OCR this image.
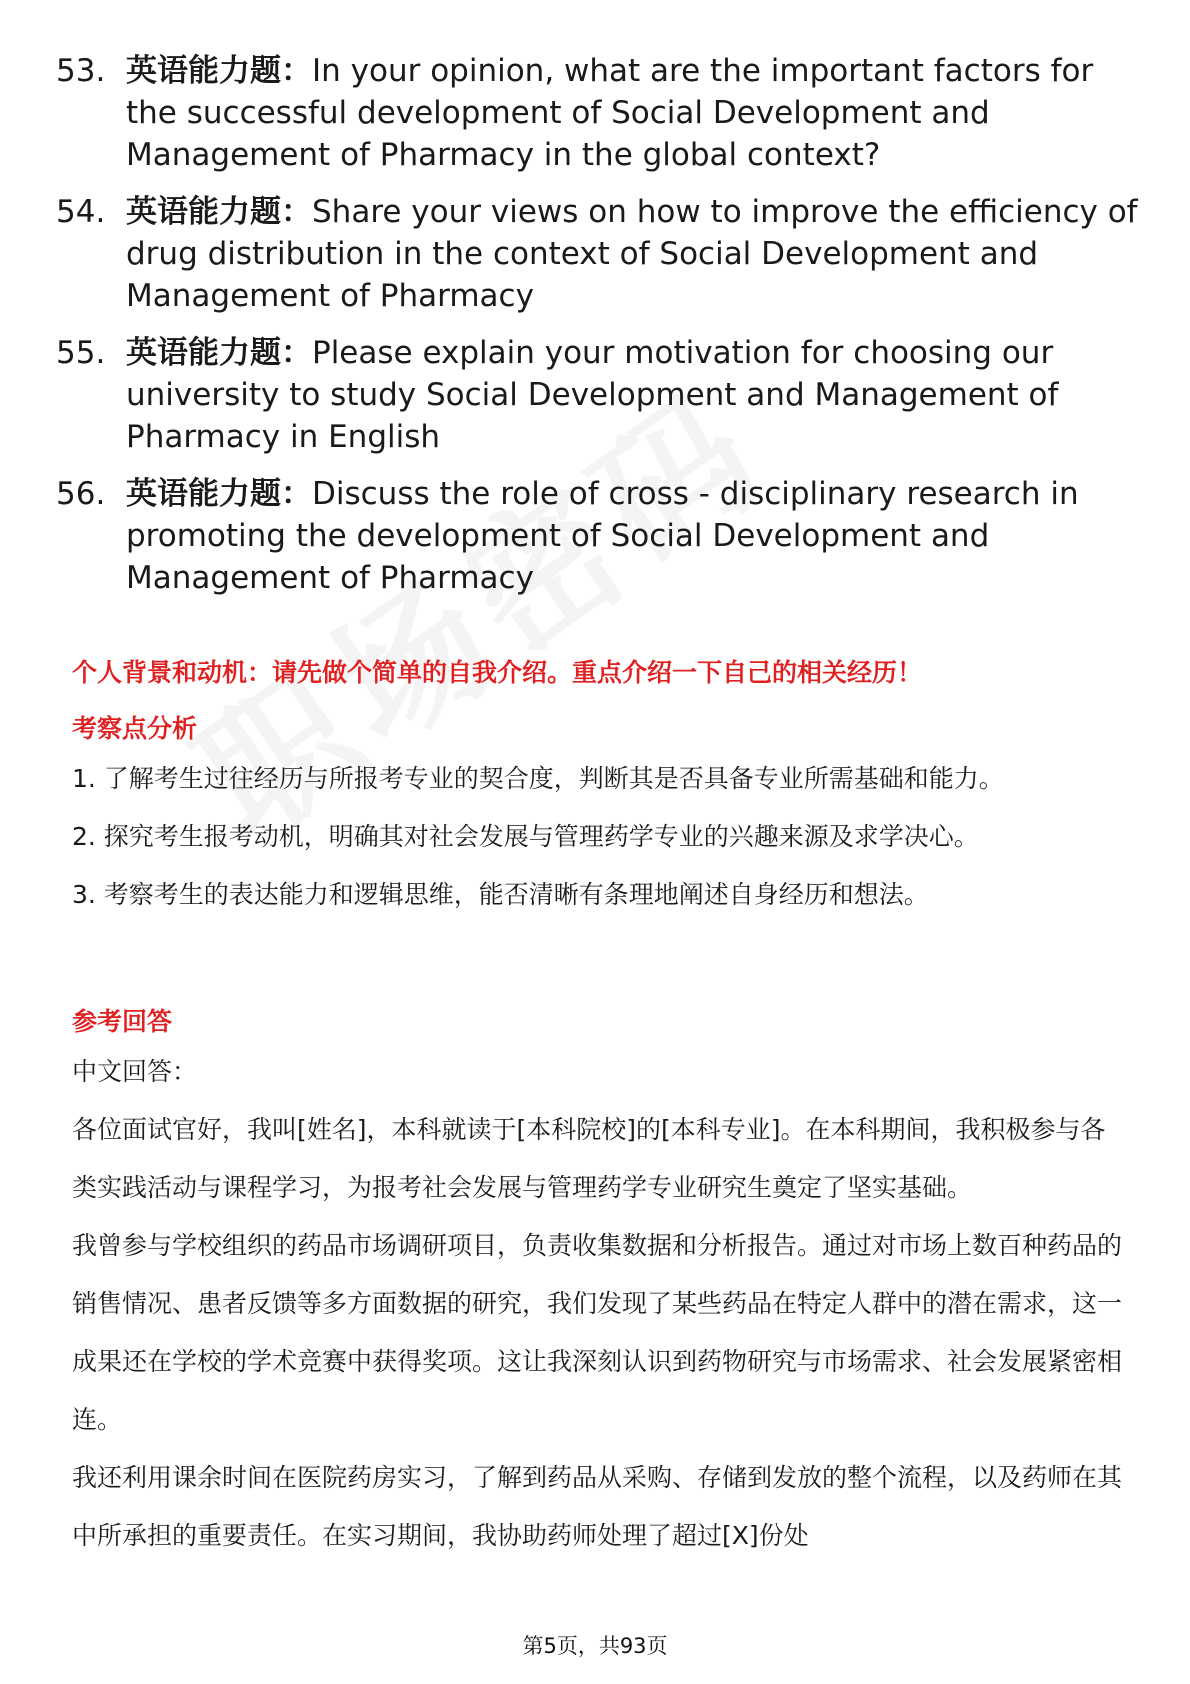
53. 英语能力题：In your opinion, what are the important factors for the successful development of Social Development and Management of Pharmacy in the global context?
54. 英语能力题：Share your views on how to improve the efficiency of drug distribution in the context of Social Development and Management of Pharmacy
55. 英语能力题：Please explain your motivation for choosing our university to study Social Development and Management of Pharmacy in English
56. 英语能力题：Discuss the role of cross - disciplinary research in promoting the development of Social Development and Management of Pharmacy
个人背景和动机：请先做个简单的自我介绍。重点介绍一下自己的相关经历！
考察点分析

1. 了解考生过往经历与所报考专业的契合度，判断其是否具备专业所需基础和能力。

2. 探究考生报考动机，明确其对社会发展与管理药学专业的兴趣来源及求学决心。

3. 考察考生的表达能力和逻辑思维，能否清晰有条理地阐述自身经历和想法。

参考回答

中文回答：

各位面试官好，我叫[姓名]，本科就读于[本科院校]的[本科专业]。在本科期间，我积极参与各类实践活动与课程学习，为报考社会发展与管理药学专业研究生奠定了坚实基础。

我曾参与学校组织的药品市场调研项目，负责收集数据和分析报告。通过对市场上数百种药品的销售情况、患者反馈等多方面数据的研究，我们发现了某些药品在特定人群中的潜在需求，这一成果还在学校的学术竞赛中获得奖项。这让我深刻认识到药物研究与市场需求、社会发展紧密相连。

我还利用课余时间在医院药房实习，了解到药品从采购、存储到发放的整个流程，以及药师在其中所承担的重要责任。在实习期间，我协助药师处理了超过[X]份处

第5页，共93页
